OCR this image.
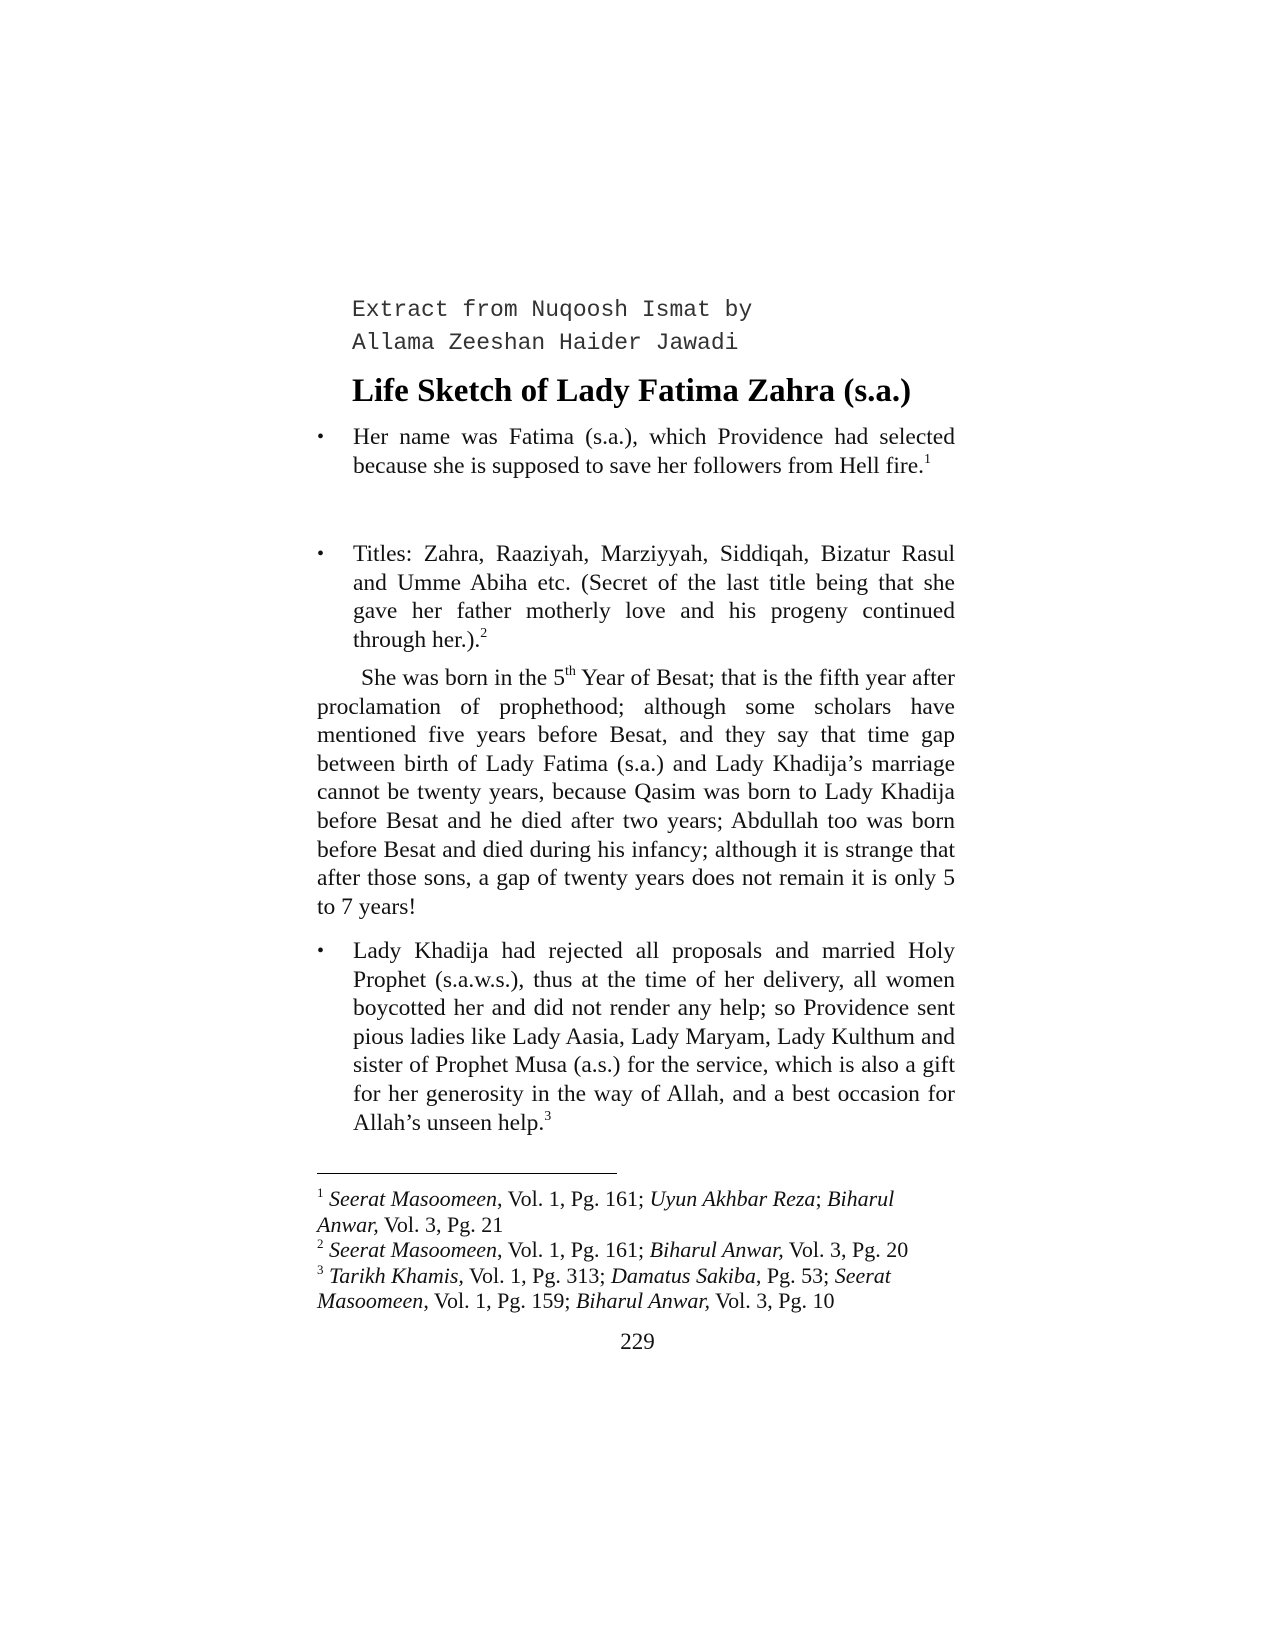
Extract from Nuqoosh Ismat by
Allama Zeeshan Haider Jawadi
Life Sketch of Lady Fatima Zahra (s.a.)
•	Her name was Fatima (s.a.), which Providence had selected because she is supposed to save her followers from Hell fire.$^1$
•	Titles: Zahra, Raaziyah, Marziyyah, Siddiqah, Bizatur Rasul and Umme Abiha etc. (Secret of the last title being that she gave her father motherly love and his progeny continued through her.).$^2$

She was born in the 5th Year of Besat; that is the fifth year after proclamation of prophethood; although some scholars have mentioned five years before Besat, and they say that time gap between birth of Lady Fatima (s.a.) and Lady Khadija’s marriage cannot be twenty years, because Qasim was born to Lady Khadija before Besat and he died after two years; Abdullah too was born before Besat and died during his infancy; although it is strange that after those sons, a gap of twenty years does not remain it is only 5 to 7 years!

•	Lady Khadija had rejected all proposals and married Holy Prophet (s.a.w.s.), thus at the time of her delivery, all women boycotted her and did not render any help; so Providence sent pious ladies like Lady Aasia, Lady Maryam, Lady Kulthum and sister of Prophet Musa (a.s.) for the service, which is also a gift for her generosity in the way of Allah, and a best occasion for Allah’s unseen help.$^3$

$^1$ Seerat Masoomeen, Vol. 1, Pg. 161; Uyun Akhbar Reza; Biharul Anwar, Vol. 3, Pg. 21

$^2$ Seerat Masoomeen, Vol. 1, Pg. 161; Biharul Anwar, Vol. 3, Pg. 20

$^3$ Tarikh Khamis, Vol. 1, Pg. 313; Damatus Sakiba, Pg. 53; Seerat Masoomeen, Vol. 1, Pg. 159; Biharul Anwar, Vol. 3, Pg. 10

229
